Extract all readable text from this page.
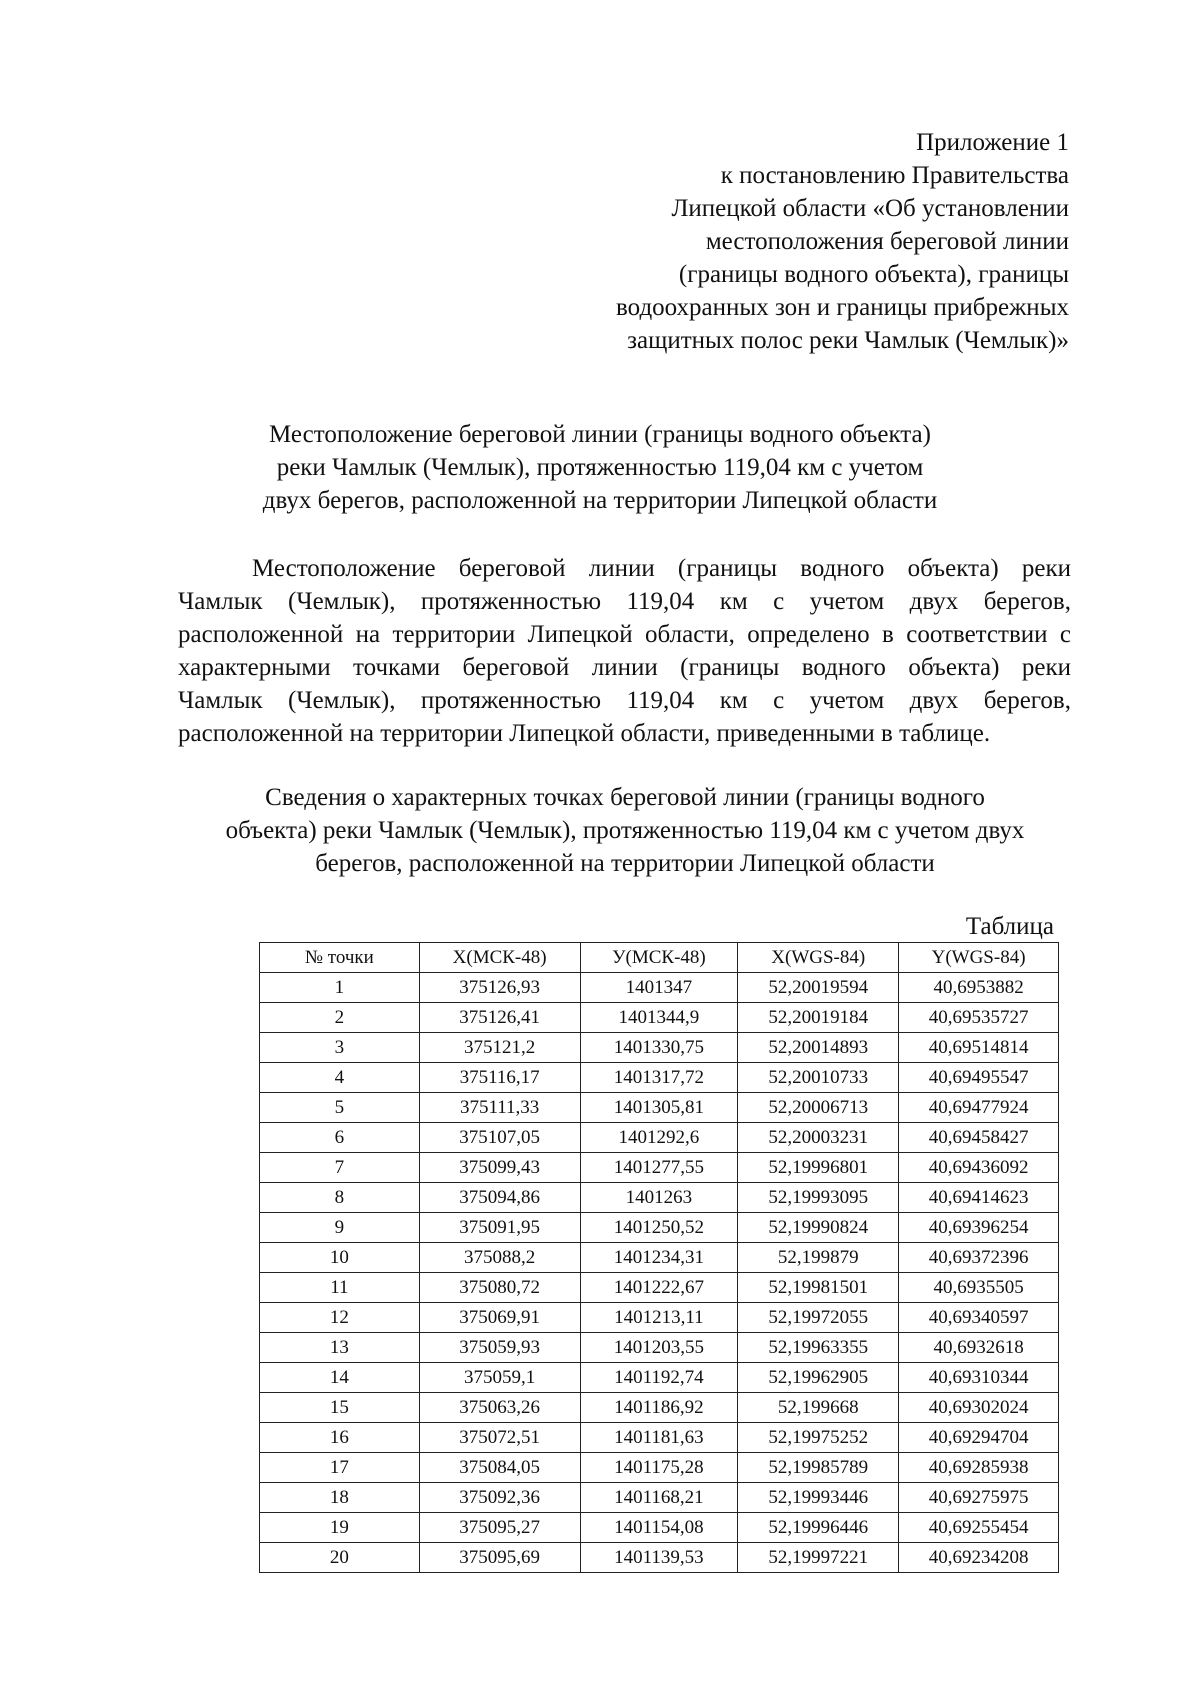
Приложение 1
к постановлению Правительства
Липецкой области «Об установлении
местоположения береговой линии
(границы водного объекта), границы
водоохранных зон и границы прибрежных
защитных полос реки Чамлык (Чемлык)»
Местоположение береговой линии (границы водного объекта)
реки Чамлык (Чемлык), протяженностью 119,04 км с учетом
двух берегов, расположенной на территории Липецкой области
Местоположение береговой линии (границы водного объекта) реки
Чамлык (Чемлык), протяженностью 119,04 км с учетом двух берегов,
расположенной на территории Липецкой области, определено в соответствии с
характерными точками береговой линии (границы водного объекта) реки
Чамлык (Чемлык), протяженностью 119,04 км с учетом двух берегов,
расположенной на территории Липецкой области, приведенными в таблице.
Сведения о характерных точках береговой линии (границы водного
объекта) реки Чамлык (Чемлык), протяженностью 119,04 км с учетом двух
берегов, расположенной на территории Липецкой области
Таблица
№ точки	Х(МСК-48)	У(МСК-48)	Х(WGS-84)	Y(WGS-84)
1	375126,93	1401347	52,20019594	40,6953882
2	375126,41	1401344,9	52,20019184	40,69535727
3	375121,2	1401330,75	52,20014893	40,69514814
4	375116,17	1401317,72	52,20010733	40,69495547
5	375111,33	1401305,81	52,20006713	40,69477924
6	375107,05	1401292,6	52,20003231	40,69458427
7	375099,43	1401277,55	52,19996801	40,69436092
8	375094,86	1401263	52,19993095	40,69414623
9	375091,95	1401250,52	52,19990824	40,69396254
10	375088,2	1401234,31	52,199879	40,69372396
11	375080,72	1401222,67	52,19981501	40,6935505
12	375069,91	1401213,11	52,19972055	40,69340597
13	375059,93	1401203,55	52,19963355	40,6932618
14	375059,1	1401192,74	52,19962905	40,69310344
15	375063,26	1401186,92	52,199668	40,69302024
16	375072,51	1401181,63	52,19975252	40,69294704
17	375084,05	1401175,28	52,19985789	40,69285938
18	375092,36	1401168,21	52,19993446	40,69275975
19	375095,27	1401154,08	52,19996446	40,69255454
20	375095,69	1401139,53	52,19997221	40,69234208
